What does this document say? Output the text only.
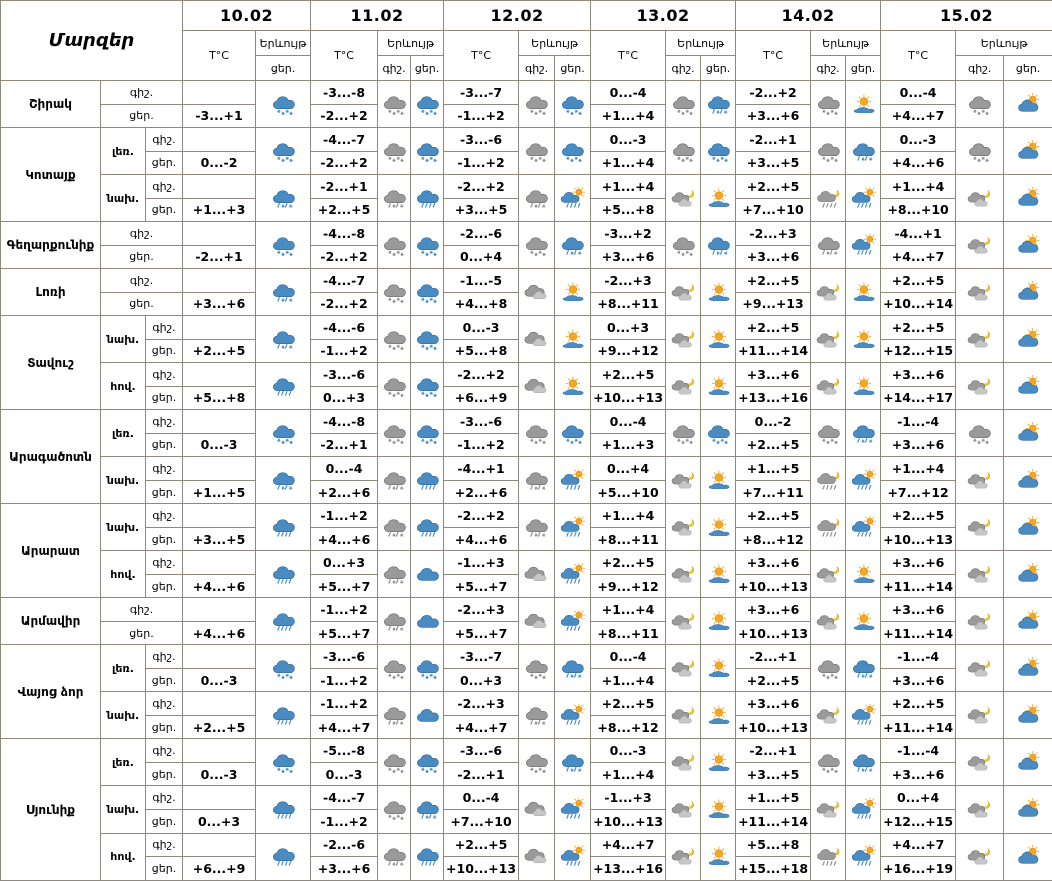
Մարզեր			10.02		11.02			12.02			13.02			14.02			15.02		
			T°C	Երևույթ	T°C	Երևույթ		T°C	Երևույթ		T°C	Երևույթ		T°C	Երևույթ		T°C	Երևույթ	
				ցեր.		գիշ.	ցեր.		գիշ.	ցեր.		գիշ.	ցեր.		գիշ.	ցեր.		գիշ.	ցեր.
Շիրակ	գիշ.				-3...-8			-3...-7			0...-4			-2...+2			0...-4		
	ցեր.		-3...+1		-2...+2			-1...+2			+1...+4			+3...+6			+4...+7		
Կոտայք	լեռ.	գիշ.			-4...-7			-3...-6			0...-3			-2...+1			0...-3		
		ցեր.	0...-2		-2...+2			-1...+2			+1...+4			+3...+5			+4...+6		
	նախ.	գիշ.			-2...+1			-2...+2			+1...+4			+2...+5			+1...+4		
		ցեր.	+1...+3		+2...+5			+3...+5			+5...+8			+7...+10			+8...+10		
Գեղարքունիք	գիշ.				-4...-8			-2...-6			-3...+2			-2...+3			-4...+1		
	ցեր.		-2...+1		-2...+2			0...+4			+3...+6			+3...+6			+4...+7		
Լոռի	գիշ.				-4...-7			-1...-5			-2...+3			+2...+5			+2...+5		
	ցեր.		+3...+6		-2...+2			+4...+8			+8...+11			+9...+13			+10...+14		
Տավուշ	նախ.	գիշ.			-4...-6			0...-3			0...+3			+2...+5			+2...+5		
		ցեր.	+2...+5		-1...+2			+5...+8			+9...+12			+11...+14			+12...+15		
	հով.	գիշ.			-3...-6			-2...+2			+2...+5			+3...+6			+3...+6		
		ցեր.	+5...+8		0...+3			+6...+9			+10...+13			+13...+16			+14...+17		
Արագածոտն	լեռ.	գիշ.			-4...-8			-3...-6			0...-4			0...-2			-1...-4		
		ցեր.	0...-3		-2...+1			-1...+2			+1...+3			+2...+5			+3...+6		
	նախ.	գիշ.			0...-4			-4...+1			0...+4			+1...+5			+1...+4		
		ցեր.	+1...+5		+2...+6			+2...+6			+5...+10			+7...+11			+7...+12		
Արարատ	նախ.	գիշ.			-1...+2			-2...+2			+1...+4			+2...+5			+2...+5		
		ցեր.	+3...+5		+4...+6			+4...+6			+8...+11			+8...+12			+10...+13		
	հով.	գիշ.			0...+3			-1...+3			+2...+5			+3...+6			+3...+6		
		ցեր.	+4...+6		+5...+7			+5...+7			+9...+12			+10...+13			+11...+14		
Արմավիր	գիշ.				-1...+2			-2...+3			+1...+4			+3...+6			+3...+6		
	ցեր.		+4...+6		+5...+7			+5...+7			+8...+11			+10...+13			+11...+14		
Վայոց ձոր	լեռ.	գիշ.			-3...-6			-3...-7			0...-4			-2...+1			-1...-4		
		ցեր.	0...-3		-1...+2			0...+3			+1...+4			+2...+5			+3...+6		
	նախ.	գիշ.			-1...+2			-2...+3			+2...+5			+3...+6			+2...+5		
		ցեր.	+2...+5		+4...+7			+4...+7			+8...+12			+10...+13			+11...+14		
Սյունիք	լեռ.	գիշ.			-5...-8			-3...-6			0...-3			-2...+1			-1...-4		
		ցեր.	0...-3		0...-3			-2...+1			+1...+4			+3...+5			+3...+6		
	նախ.	գիշ.			-4...-7			0...-4			-1...+3			+1...+5			0...+4		
		ցեր.	0...+3		-1...+2			+7...+10			+10...+13			+11...+14			+12...+15		
	հով.	գիշ.			-2...-6			+2...+5			+4...+7			+5...+8			+4...+7		
		ցեր.	+6...+9		+3...+6			+10...+13			+13...+16			+15...+18			+16...+19		
